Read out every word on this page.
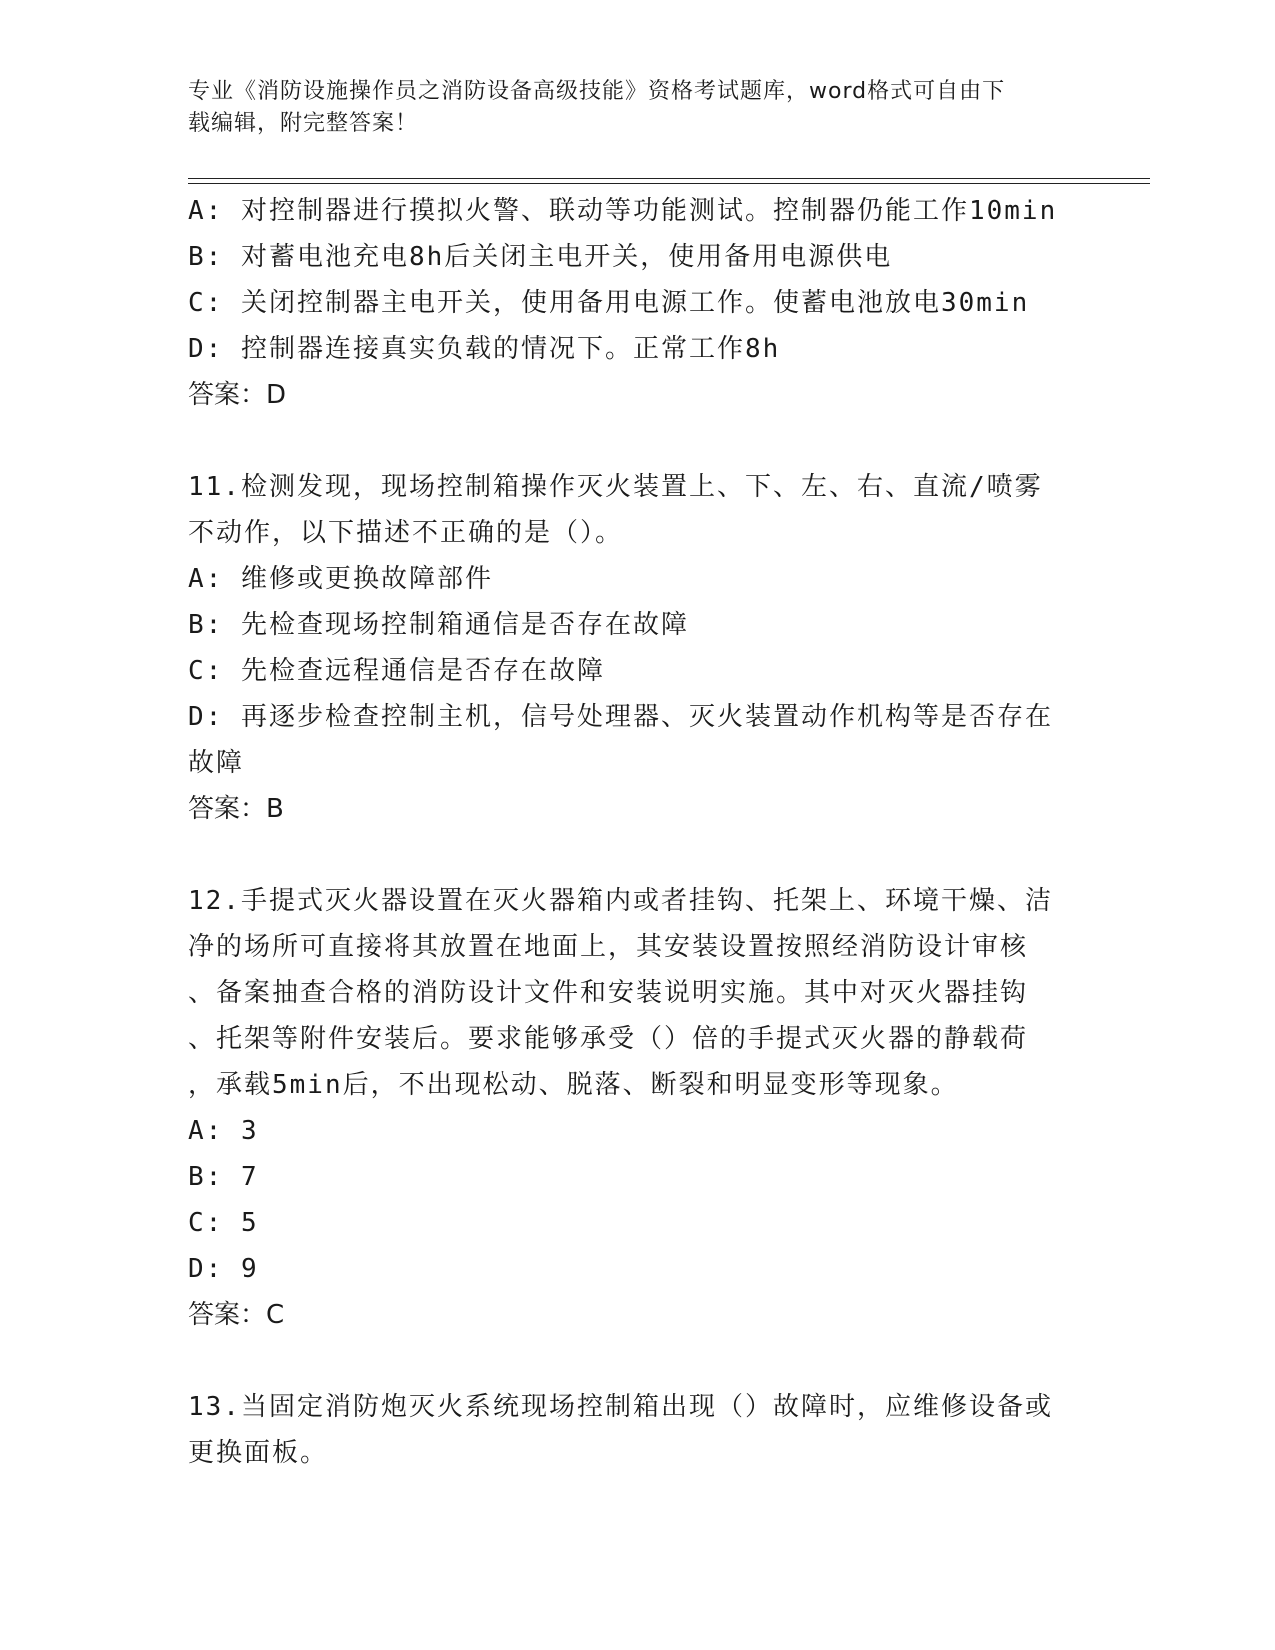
专业《消防设施操作员之消防设备高级技能》资格考试题库，word格式可自由下
载编辑，附完整答案！
A: 对控制器进行摸拟火警、联动等功能测试。控制器仍能工作10min
B: 对蓄电池充电8h后关闭主电开关，使用备用电源供电
C: 关闭控制器主电开关，使用备用电源工作。使蓄电池放电30min
D: 控制器连接真实负载的情况下。正常工作8h
答案：D
11.检测发现，现场控制箱操作灭火装置上、下、左、右、直流/喷雾
不动作，以下描述不正确的是（）。
A: 维修或更换故障部件
B: 先检查现场控制箱通信是否存在故障
C: 先检查远程通信是否存在故障
D: 再逐步检查控制主机，信号处理器、灭火装置动作机构等是否存在
故障
答案：B
12.手提式灭火器设置在灭火器箱内或者挂钩、托架上、环境干燥、洁
净的场所可直接将其放置在地面上，其安装设置按照经消防设计审核
、备案抽查合格的消防设计文件和安装说明实施。其中对灭火器挂钩
、托架等附件安装后。要求能够承受（）倍的手提式灭火器的静载荷
，承载5min后，不出现松动、脱落、断裂和明显变形等现象。
A: 3
B: 7
C: 5
D: 9
答案：C
13.当固定消防炮灭火系统现场控制箱出现（）故障时，应维修设备或
更换面板。
